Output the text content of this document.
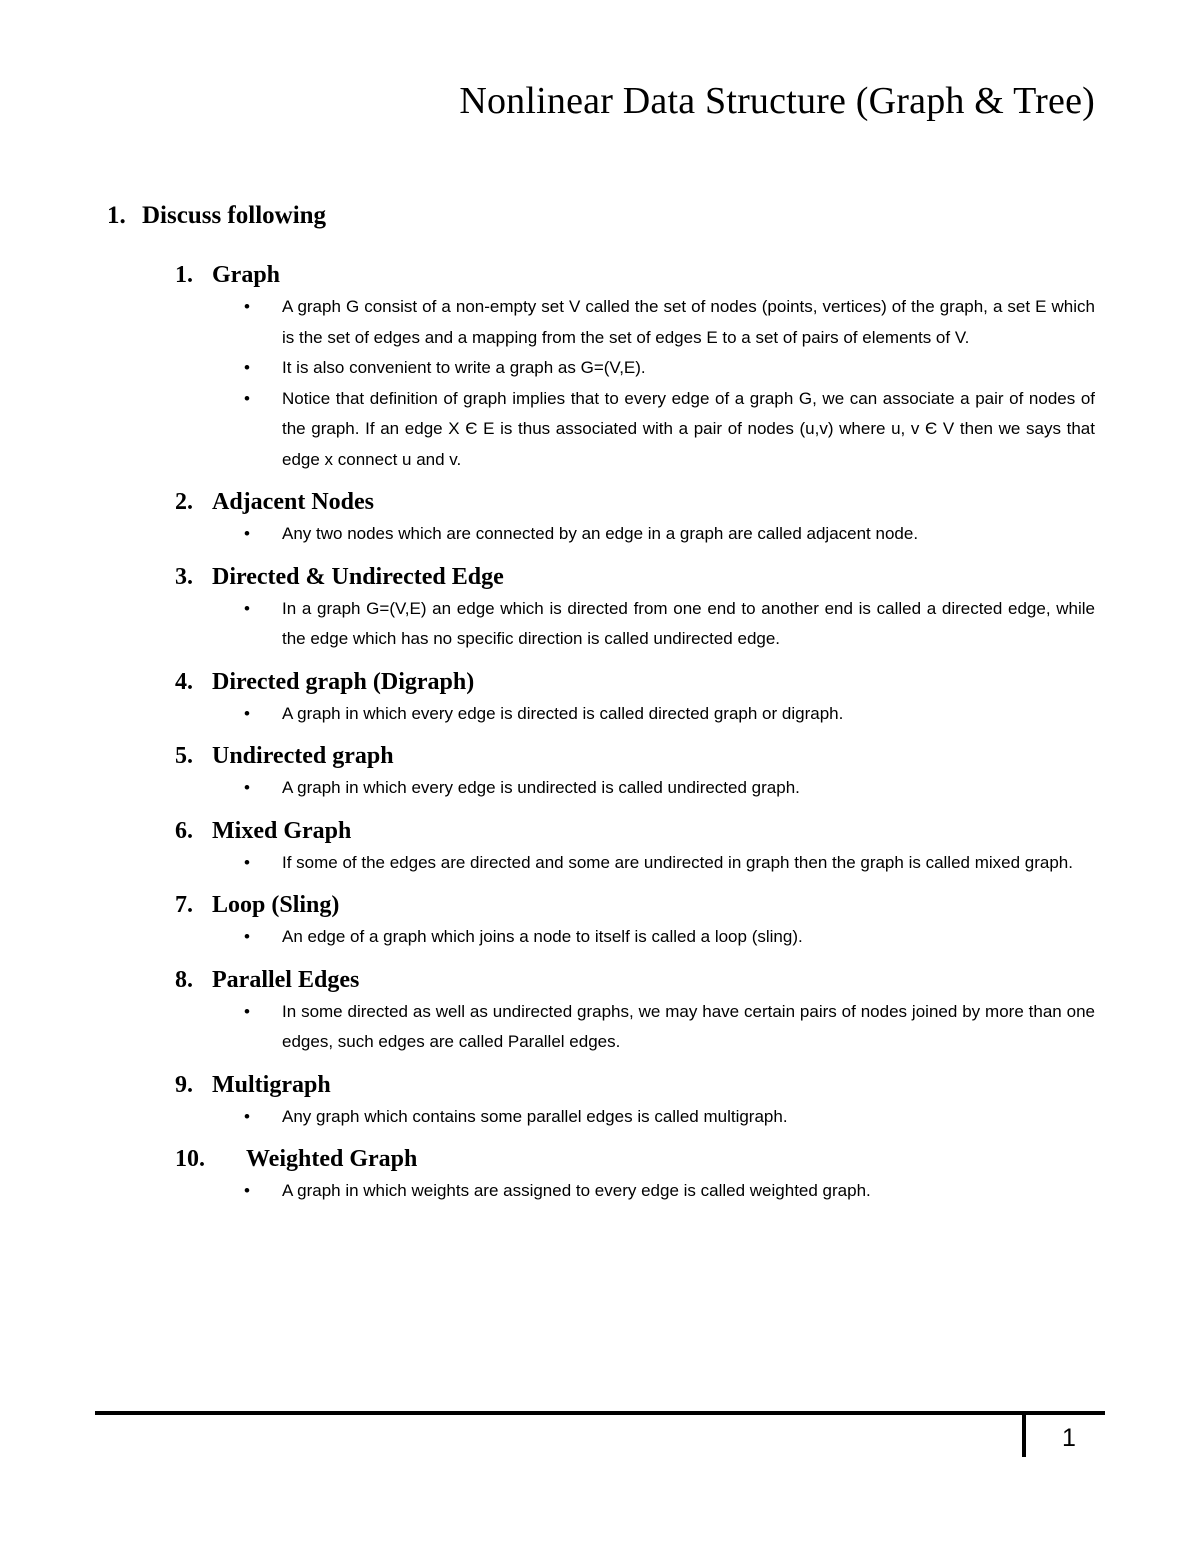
Nonlinear Data Structure (Graph & Tree)
1. Discuss following
1. Graph
• A graph G consist of a non-empty set V called the set of nodes (points, vertices) of the graph, a set E which is the set of edges and a mapping from the set of edges E to a set of pairs of elements of V.
• It is also convenient to write a graph as G=(V,E).
• Notice that definition of graph implies that to every edge of a graph G, we can associate a pair of nodes of the graph. If an edge X Є E is thus associated with a pair of nodes (u,v) where u, v Є V then we says that edge x connect u and v.
2. Adjacent Nodes
• Any two nodes which are connected by an edge in a graph are called adjacent node.
3. Directed & Undirected Edge
• In a graph G=(V,E) an edge which is directed from one end to another end is called a directed edge, while the edge which has no specific direction is called undirected edge.
4. Directed graph (Digraph)
• A graph in which every edge is directed is called directed graph or digraph.
5. Undirected graph
• A graph in which every edge is undirected is called undirected graph.
6. Mixed Graph
• If some of the edges are directed and some are undirected in graph then the graph is called mixed graph.
7. Loop (Sling)
• An edge of a graph which joins a node to itself is called a loop (sling).
8. Parallel Edges
• In some directed as well as undirected graphs, we may have certain pairs of nodes joined by more than one edges, such edges are called Parallel edges.
9. Multigraph
• Any graph which contains some parallel edges is called multigraph.
10. Weighted Graph
• A graph in which weights are assigned to every edge is called weighted graph.
1
